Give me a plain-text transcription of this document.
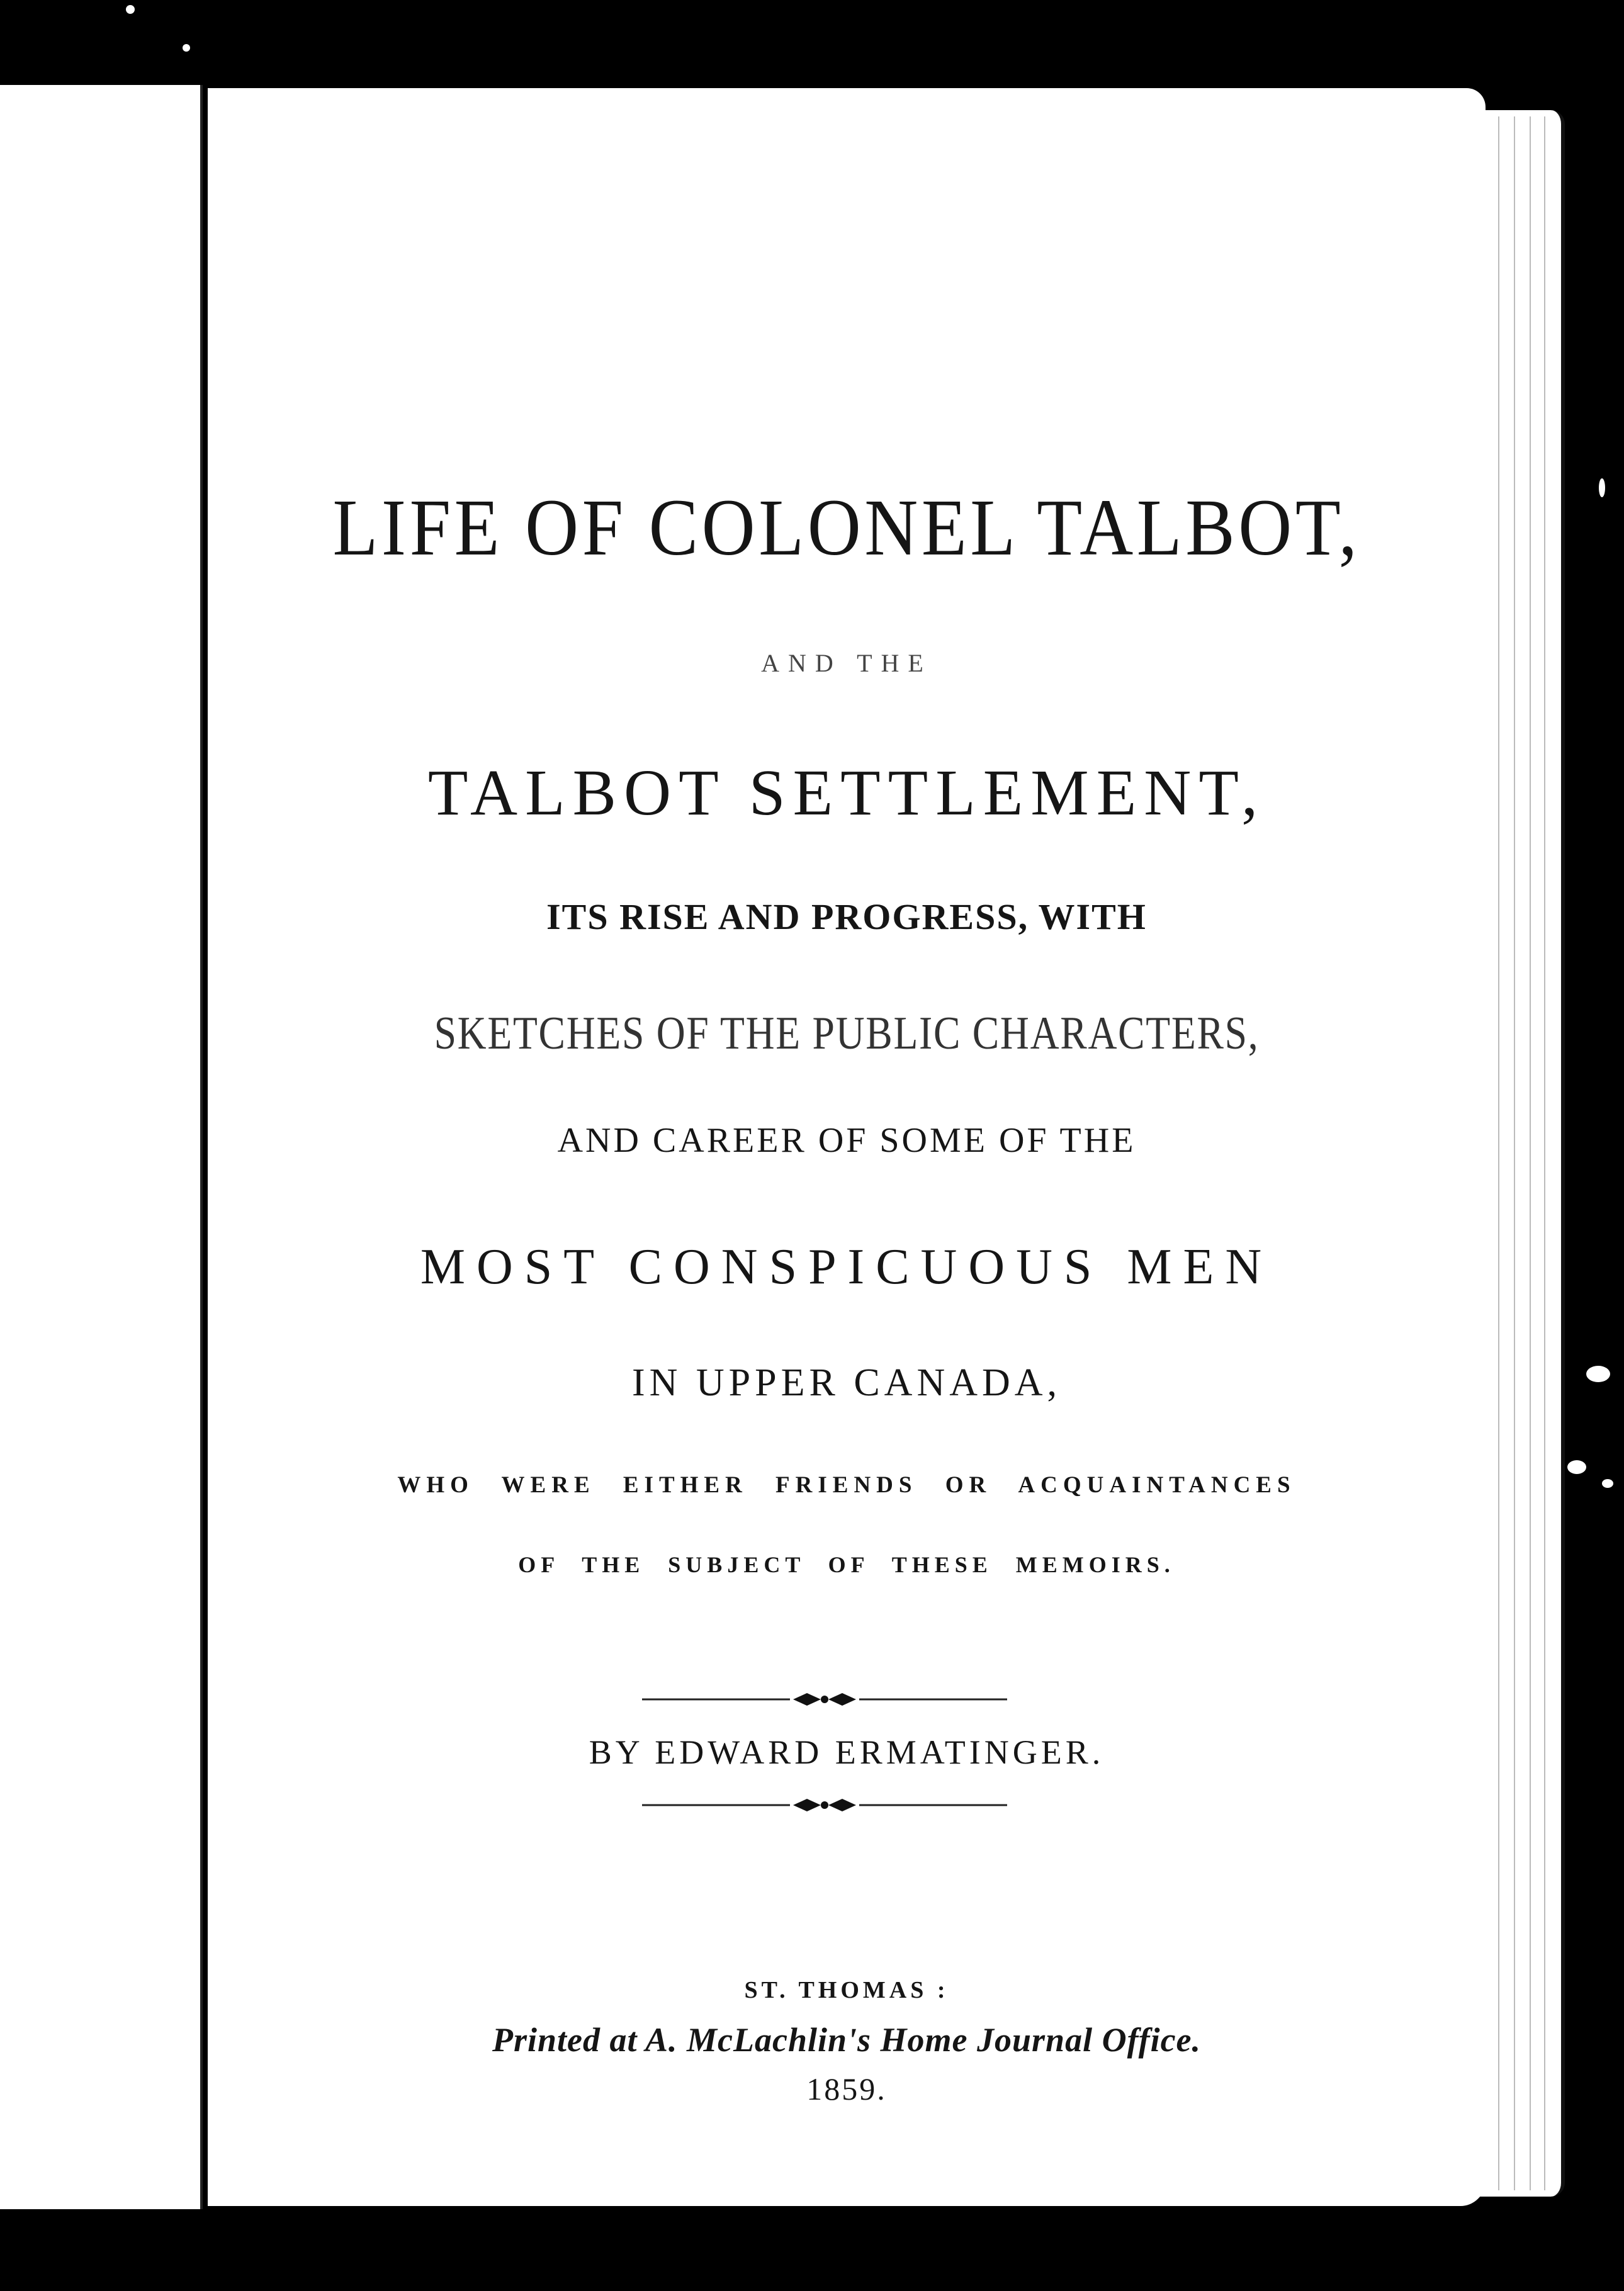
LIFE OF COLONEL TALBOT,
AND THE
TALBOT SETTLEMENT,
ITS RISE AND PROGRESS, WITH
SKETCHES OF THE PUBLIC CHARACTERS,
AND CAREER OF SOME OF THE
MOST CONSPICUOUS MEN
IN UPPER CANADA,
WHO WERE EITHER FRIENDS OR ACQUAINTANCES
OF THE SUBJECT OF THESE MEMOIRS.
BY EDWARD ERMATINGER.
ST. THOMAS :
Printed at A. McLachlin's Home Journal Office.
1859.
